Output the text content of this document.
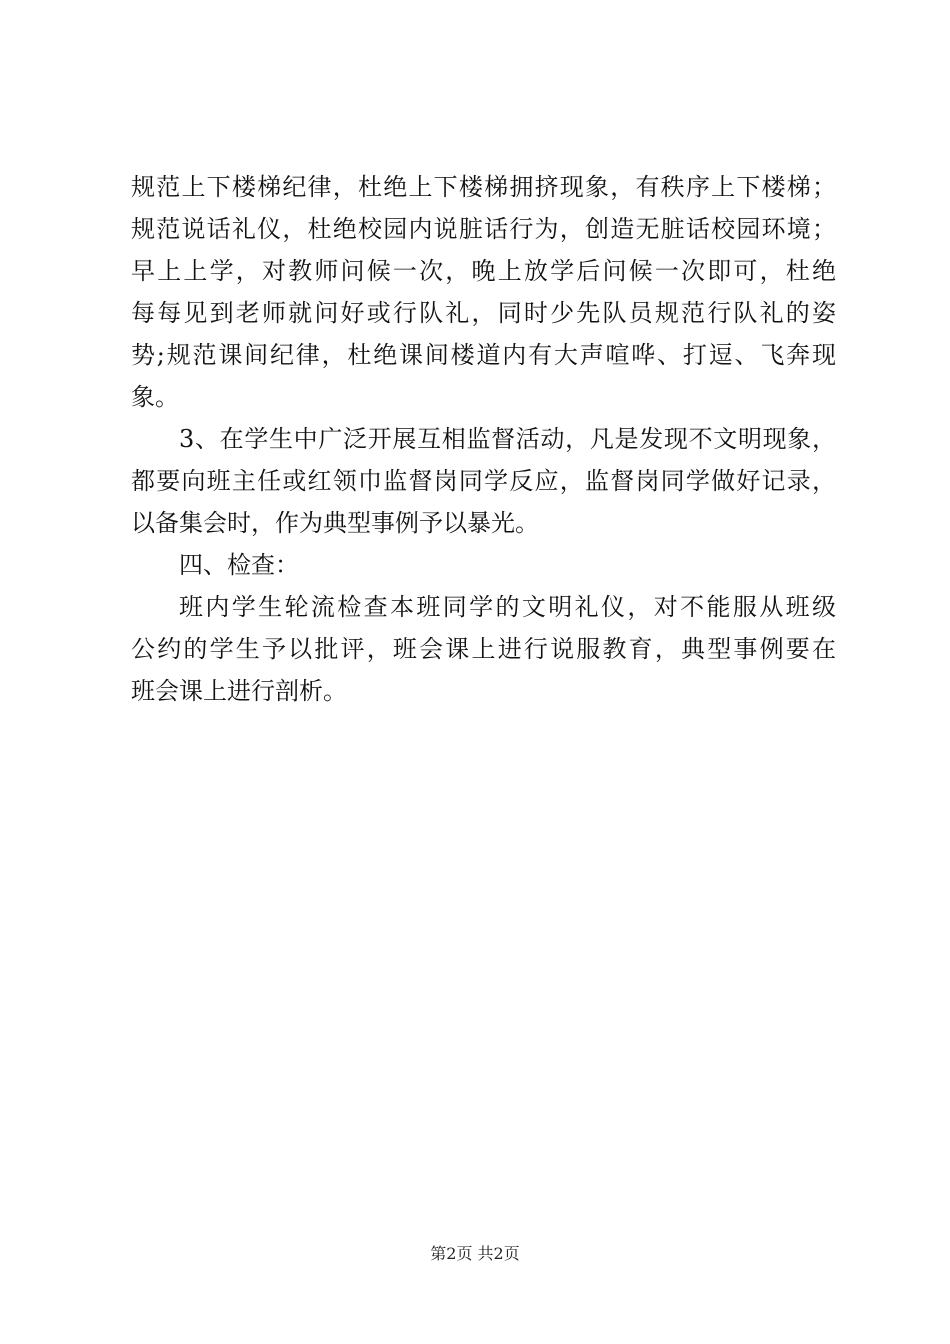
规范上下楼梯纪律，杜绝上下楼梯拥挤现象，有秩序上下楼梯；
规范说话礼仪，杜绝校园内说脏话行为，创造无脏话校园环境；
早上上学，对教师问候一次，晚上放学后问候一次即可，杜绝
每每见到老师就问好或行队礼，同时少先队员规范行队礼的姿
势;规范课间纪律，杜绝课间楼道内有大声喧哗、打逗、飞奔现
象。
3、在学生中广泛开展互相监督活动，凡是发现不文明现象，
都要向班主任或红领巾监督岗同学反应，监督岗同学做好记录，
以备集会时，作为典型事例予以暴光。
四、检查：
班内学生轮流检查本班同学的文明礼仪，对不能服从班级
公约的学生予以批评，班会课上进行说服教育，典型事例要在
班会课上进行剖析。
第2页 共2页
